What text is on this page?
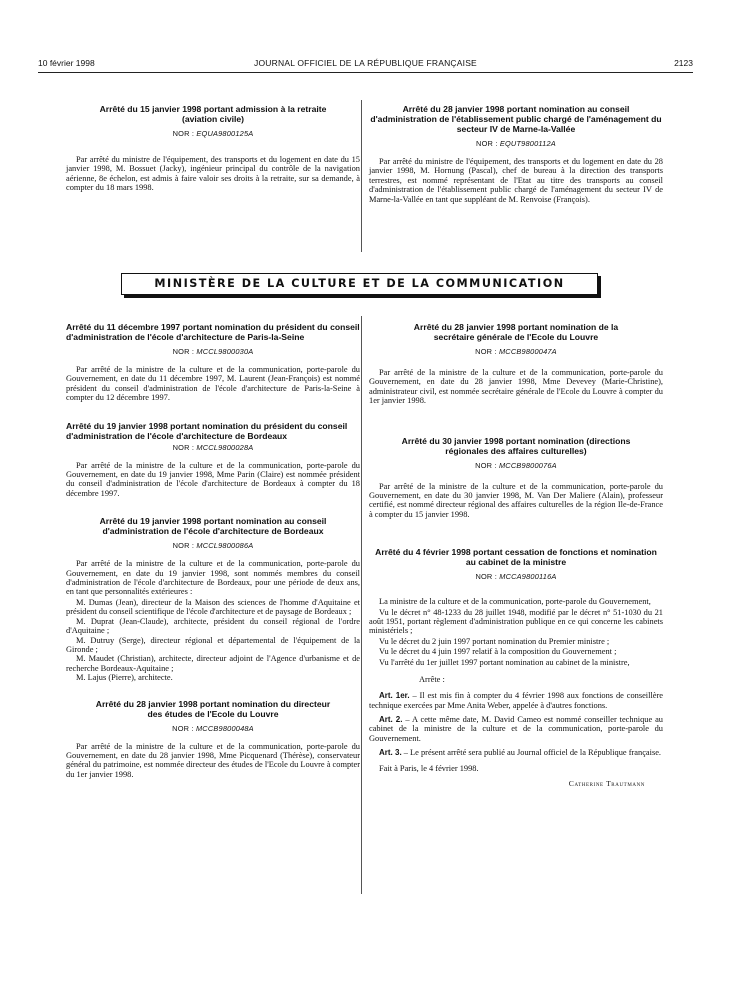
10 février 1998	JOURNAL OFFICIEL DE LA RÉPUBLIQUE FRANÇAISE	2123

Arrêté du 15 janvier 1998 portant admission à la retraite (aviation civile)

NOR : EQUA9800125A

Par arrêté du ministre de l'équipement, des transports et du logement en date du 15 janvier 1998, M. Bossuet (Jacky), ingénieur principal du contrôle de la navigation aérienne, 8e échelon, est admis à faire valoir ses droits à la retraite, sur sa demande, à compter du 18 mars 1998.

Arrêté du 28 janvier 1998 portant nomination au conseil d'administration de l'établissement public chargé de l'aménagement du secteur IV de Marne-la-Vallée

NOR : EQUT9800112A

Par arrêté du ministre de l'équipement, des transports et du logement en date du 28 janvier 1998, M. Hornung (Pascal), chef de bureau à la direction des transports terrestres, est nommé représentant de l'Etat au titre des transports au conseil d'administration de l'établissement public chargé de l'aménagement du secteur IV de Marne-la-Vallée en tant que suppléant de M. Renvoise (François).

MINISTÈRE DE LA CULTURE ET DE LA COMMUNICATION

Arrêté du 11 décembre 1997 portant nomination du président du conseil d'administration de l'école d'architecture de Paris-la-Seine

NOR : MCCL9800030A

Par arrêté de la ministre de la culture et de la communication, porte-parole du Gouvernement, en date du 11 décembre 1997, M. Laurent (Jean-François) est nommé président du conseil d'administration de l'école d'architecture de Paris-la-Seine à compter du 12 décembre 1997.

Arrêté du 19 janvier 1998 portant nomination du président du conseil d'administration de l'école d'architecture de Bordeaux

NOR : MCCL9800028A

Par arrêté de la ministre de la culture et de la communication, porte-parole du Gouvernement, en date du 19 janvier 1998, Mme Parin (Claire) est nommée président du conseil d'administration de l'école d'architecture de Bordeaux à compter du 18 décembre 1997.

Arrêté du 19 janvier 1998 portant nomination au conseil d'administration de l'école d'architecture de Bordeaux

NOR : MCCL9800086A

Par arrêté de la ministre de la culture et de la communication, porte-parole du Gouvernement, en date du 19 janvier 1998, sont nommés membres du conseil d'administration de l'école d'architecture de Bordeaux, pour une période de deux ans, en tant que personnalités extérieures :

M. Dumas (Jean), directeur de la Maison des sciences de l'homme d'Aquitaine et président du conseil scientifique de l'école d'architecture et de paysage de Bordeaux ;

M. Duprat (Jean-Claude), architecte, président du conseil régional de l'ordre d'Aquitaine ;

M. Dutruy (Serge), directeur régional et départemental de l'équipement de la Gironde ;

M. Maudet (Christian), architecte, directeur adjoint de l'Agence d'urbanisme et de recherche Bordeaux-Aquitaine ;

M. Lajus (Pierre), architecte.

Arrêté du 28 janvier 1998 portant nomination du directeur des études de l'Ecole du Louvre

NOR : MCCB9800048A

Par arrêté de la ministre de la culture et de la communication, porte-parole du Gouvernement, en date du 28 janvier 1998, Mme Picquenard (Thérèse), conservateur général du patrimoine, est nommée directeur des études de l'Ecole du Louvre à compter du 1er janvier 1998.

Arrêté du 28 janvier 1998 portant nomination de la secrétaire générale de l'Ecole du Louvre

NOR : MCCB9800047A

Par arrêté de la ministre de la culture et de la communication, porte-parole du Gouvernement, en date du 28 janvier 1998, Mme Devevey (Marie-Christine), administrateur civil, est nommée secrétaire générale de l'Ecole du Louvre à compter du 1er janvier 1998.

Arrêté du 30 janvier 1998 portant nomination (directions régionales des affaires culturelles)

NOR : MCCB9800076A

Par arrêté de la ministre de la culture et de la communication, porte-parole du Gouvernement, en date du 30 janvier 1998, M. Van Der Maliere (Alain), professeur certifié, est nommé directeur régional des affaires culturelles de la région Ile-de-France à compter du 15 janvier 1998.

Arrêté du 4 février 1998 portant cessation de fonctions et nomination au cabinet de la ministre

NOR : MCCA9800116A

La ministre de la culture et de la communication, porte-parole du Gouvernement,

Vu le décret n° 48-1233 du 28 juillet 1948, modifié par le décret n° 51-1030 du 21 août 1951, portant règlement d'administration publique en ce qui concerne les cabinets ministériels ;

Vu le décret du 2 juin 1997 portant nomination du Premier ministre ;

Vu le décret du 4 juin 1997 relatif à la composition du Gouvernement ;

Vu l'arrêté du 1er juillet 1997 portant nomination au cabinet de la ministre,

Arrête :

Art. 1er. – Il est mis fin à compter du 4 février 1998 aux fonctions de conseillère technique exercées par Mme Anita Weber, appelée à d'autres fonctions.

Art. 2. – A cette même date, M. David Cameo est nommé conseiller technique au cabinet de la ministre de la culture et de la communication, porte-parole du Gouvernement.

Art. 3. – Le présent arrêté sera publié au Journal officiel de la République française.

Fait à Paris, le 4 février 1998.

Catherine Trautmann
